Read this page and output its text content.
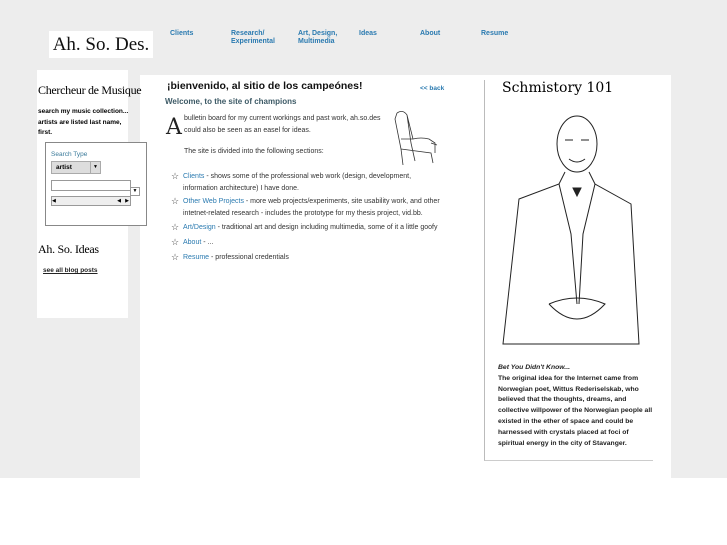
Ah. So. Des.
Clients	Research/ Experimental
Art, Design, Multimedia
Ideas	About	Resume
Chercheur de Musique
search my music collection... artists are listed last name, first.
Search Type
artist	▼
▼
◀	◀ ▶
Ah. So. Ideas
see all blog posts
¡bienvenido, al sitio de los campeónes!	<< back
Welcome, to the site of champions
A bulletin board for my current workings and past work, ah.so.des could also be seen as an easel for ideas.
The site is divided into the following sections:
☆ Clients - shows some of the professional web work (design, development, information architecture) I have done.
☆ Other Web Projects - more web projects/experiments, site usability work, and other intetnet-related research - includes the prototype for my thesis project, vid.bb.
☆ Art/Design - traditional art and design including multimedia, some of it a little goofy
☆ About - ...
☆ Resume - professional credentials
Schmistory 101
Bet You Didn't Know...
The original idea for the Internet came from Norwegian poet, Wittus Rederiselskab, who believed that the thoughts, dreams, and collective willpower of the Norwegian people all existed in the ether of space and could be harnessed with crystals placed at foci of spiritual energy in the city of Stavanger.
